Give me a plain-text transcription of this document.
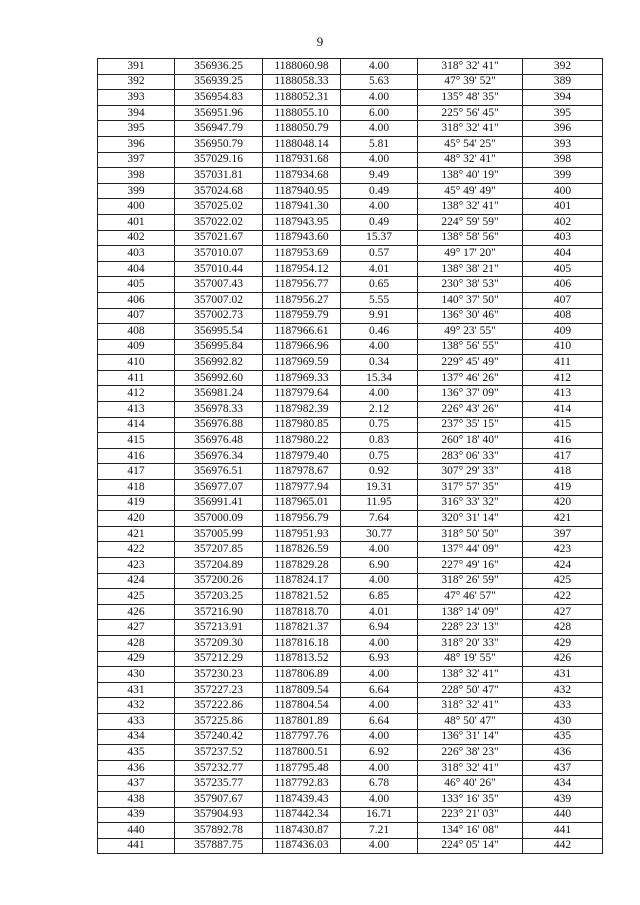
9
391	356936.25	1188060.98	4.00	318° 32' 41"	392
392	356939.25	1188058.33	5.63	47° 39' 52"	389
393	356954.83	1188052.31	4.00	135° 48' 35"	394
394	356951.96	1188055.10	6.00	225° 56' 45"	395
395	356947.79	1188050.79	4.00	318° 32' 41"	396
396	356950.79	1188048.14	5.81	45° 54' 25"	393
397	357029.16	1187931.68	4.00	48° 32' 41"	398
398	357031.81	1187934.68	9.49	138° 40' 19"	399
399	357024.68	1187940.95	0.49	45° 49' 49"	400
400	357025.02	1187941.30	4.00	138° 32' 41"	401
401	357022.02	1187943.95	0.49	224° 59' 59"	402
402	357021.67	1187943.60	15.37	138° 58' 56"	403
403	357010.07	1187953.69	0.57	49° 17' 20"	404
404	357010.44	1187954.12	4.01	138° 38' 21"	405
405	357007.43	1187956.77	0.65	230° 38' 53"	406
406	357007.02	1187956.27	5.55	140° 37' 50"	407
407	357002.73	1187959.79	9.91	136° 30' 46"	408
408	356995.54	1187966.61	0.46	49° 23' 55"	409
409	356995.84	1187966.96	4.00	138° 56' 55"	410
410	356992.82	1187969.59	0.34	229° 45' 49"	411
411	356992.60	1187969.33	15.34	137° 46' 26"	412
412	356981.24	1187979.64	4.00	136° 37' 09"	413
413	356978.33	1187982.39	2.12	226° 43' 26"	414
414	356976.88	1187980.85	0.75	237° 35' 15"	415
415	356976.48	1187980.22	0.83	260° 18' 40"	416
416	356976.34	1187979.40	0.75	283° 06' 33"	417
417	356976.51	1187978.67	0.92	307° 29' 33"	418
418	356977.07	1187977.94	19.31	317° 57' 35"	419
419	356991.41	1187965.01	11.95	316° 33' 32"	420
420	357000.09	1187956.79	7.64	320° 31' 14"	421
421	357005.99	1187951.93	30.77	318° 50' 50"	397
422	357207.85	1187826.59	4.00	137° 44' 09"	423
423	357204.89	1187829.28	6.90	227° 49' 16"	424
424	357200.26	1187824.17	4.00	318° 26' 59"	425
425	357203.25	1187821.52	6.85	47° 46' 57"	422
426	357216.90	1187818.70	4.01	138° 14' 09"	427
427	357213.91	1187821.37	6.94	228° 23' 13"	428
428	357209.30	1187816.18	4.00	318° 20' 33"	429
429	357212.29	1187813.52	6.93	48° 19' 55"	426
430	357230.23	1187806.89	4.00	138° 32' 41"	431
431	357227.23	1187809.54	6.64	228° 50' 47"	432
432	357222.86	1187804.54	4.00	318° 32' 41"	433
433	357225.86	1187801.89	6.64	48° 50' 47"	430
434	357240.42	1187797.76	4.00	136° 31' 14"	435
435	357237.52	1187800.51	6.92	226° 38' 23"	436
436	357232.77	1187795.48	4.00	318° 32' 41"	437
437	357235.77	1187792.83	6.78	46° 40' 26"	434
438	357907.67	1187439.43	4.00	133° 16' 35"	439
439	357904.93	1187442.34	16.71	223° 21' 03"	440
440	357892.78	1187430.87	7.21	134° 16' 08"	441
441	357887.75	1187436.03	4.00	224° 05' 14"	442
